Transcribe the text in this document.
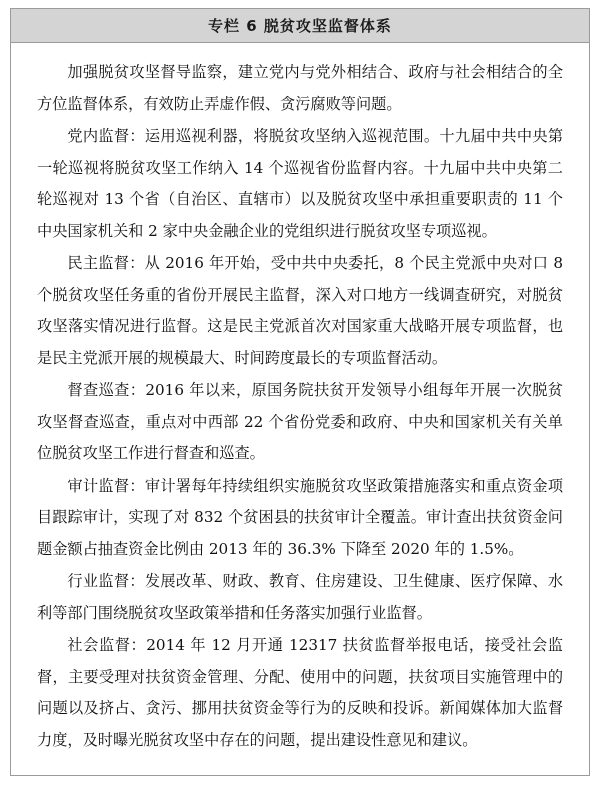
专栏 6 脱贫攻坚监督体系

加强脱贫攻坚督导监察，建立党内与党外相结合、政府与社会相结合的全方位监督体系，有效防止弄虚作假、贪污腐败等问题。

党内监督：运用巡视利器，将脱贫攻坚纳入巡视范围。十九届中共中央第一轮巡视将脱贫攻坚工作纳入 14 个巡视省份监督内容。十九届中共中央第二轮巡视对 13 个省（自治区、直辖市）以及脱贫攻坚中承担重要职责的 11 个中央国家机关和 2 家中央金融企业的党组织进行脱贫攻坚专项巡视。

民主监督：从 2016 年开始，受中共中央委托，8 个民主党派中央对口 8 个脱贫攻坚任务重的省份开展民主监督，深入对口地方一线调查研究，对脱贫攻坚落实情况进行监督。这是民主党派首次对国家重大战略开展专项监督，也是民主党派开展的规模最大、时间跨度最长的专项监督活动。

督查巡查：2016 年以来，原国务院扶贫开发领导小组每年开展一次脱贫攻坚督查巡查，重点对中西部 22 个省份党委和政府、中央和国家机关有关单位脱贫攻坚工作进行督查和巡查。

审计监督：审计署每年持续组织实施脱贫攻坚政策措施落实和重点资金项目跟踪审计，实现了对 832 个贫困县的扶贫审计全覆盖。审计查出扶贫资金问题金额占抽查资金比例由 2013 年的 36.3% 下降至 2020 年的 1.5%。

行业监督：发展改革、财政、教育、住房建设、卫生健康、医疗保障、水利等部门围绕脱贫攻坚政策举措和任务落实加强行业监督。

社会监督：2014 年 12 月开通 12317 扶贫监督举报电话，接受社会监督，主要受理对扶贫资金管理、分配、使用中的问题，扶贫项目实施管理中的问题以及挤占、贪污、挪用扶贫资金等行为的反映和投诉。新闻媒体加大监督力度，及时曝光脱贫攻坚中存在的问题，提出建设性意见和建议。
